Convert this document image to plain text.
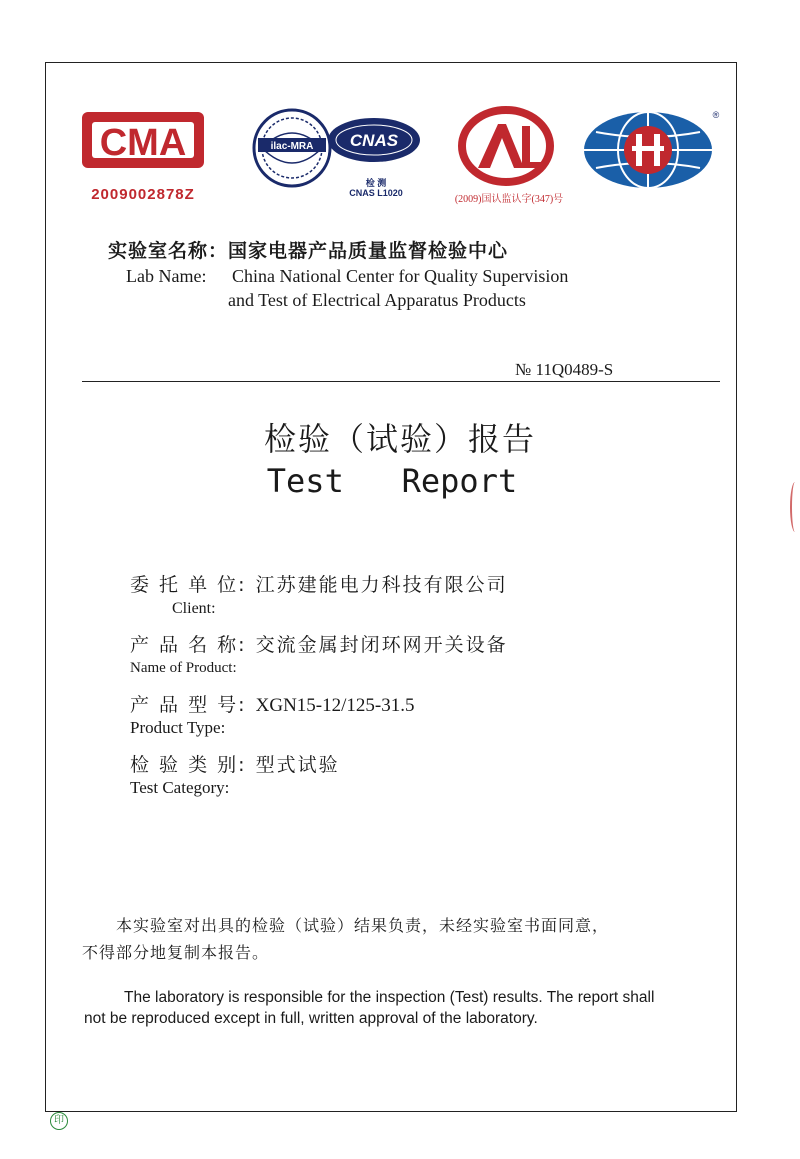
CMA
2009002878Z
ilac-MRA CNAS
检 测
CNAS L1020
(2009)国认监认字(347)号
®
实验室名称：国家电器产品质量监督检验中心
Lab Name: China National Center for Quality Supervision
and Test of Electrical Apparatus Products
№ 11Q0489-S
检验（试验）报告
Test   Report
委 托 单 位: 江苏建能电力科技有限公司
Client:
产 品 名 称: 交流金属封闭环网开关设备
Name of Product:
产 品 型 号: XGN15-12/125-31.5
Product Type:
检 验 类 别: 型式试验
Test Category:
本实验室对出具的检验（试验）结果负责，未经实验室书面同意，
不得部分地复制本报告。
The laboratory is responsible for the inspection (Test) results. The report shall
not be reproduced except in full, written approval of the laboratory.
印
